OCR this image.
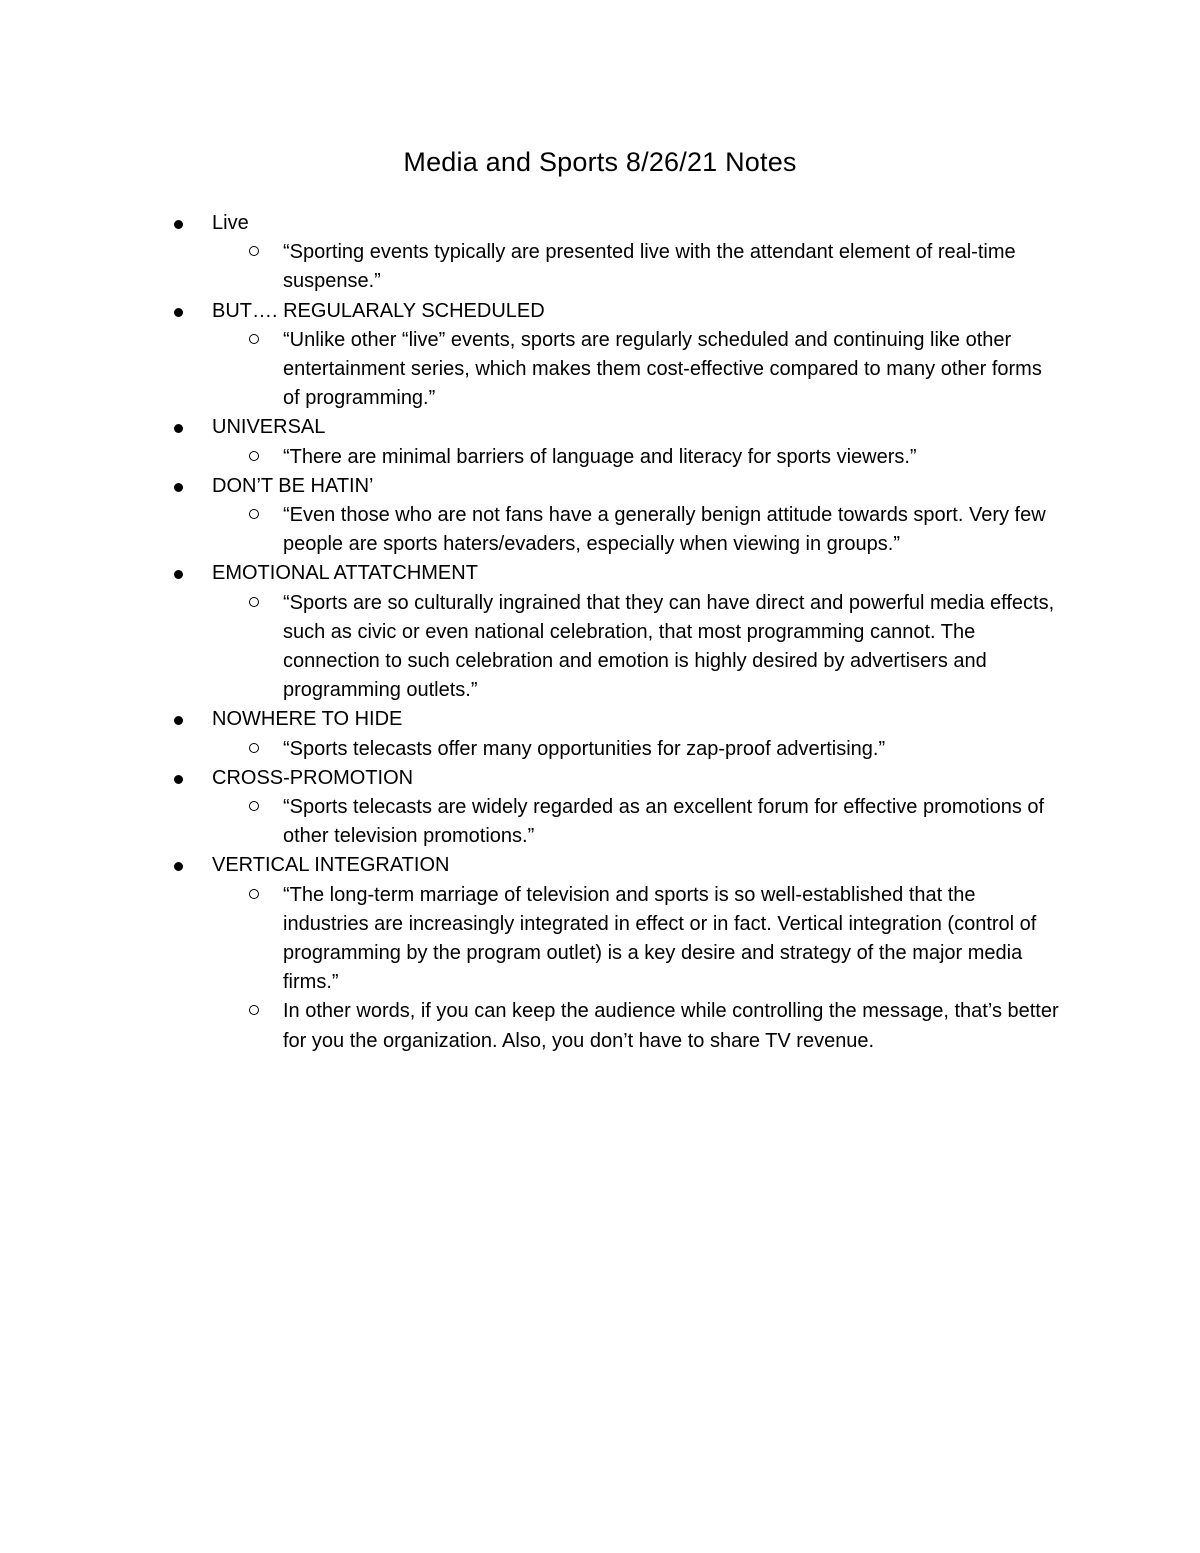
Media and Sports 8/26/21 Notes
Live
“Sporting events typically are presented live with the attendant element of real-time suspense.”
BUT…. REGULARALY SCHEDULED
“Unlike other “live” events, sports are regularly scheduled and continuing like other entertainment series, which makes them cost-effective compared to many other forms of programming.”
UNIVERSAL
“There are minimal barriers of language and literacy for sports viewers.”
DON’T BE HATIN’
“Even those who are not fans have a generally benign attitude towards sport. Very few people are sports haters/evaders, especially when viewing in groups.”
EMOTIONAL ATTATCHMENT
“Sports are so culturally ingrained that they can have direct and powerful media effects, such as civic or even national celebration, that most programming cannot. The connection to such celebration and emotion is highly desired by advertisers and programming outlets.”
NOWHERE TO HIDE
“Sports telecasts offer many opportunities for zap-proof advertising.”
CROSS-PROMOTION
“Sports telecasts are widely regarded as an excellent forum for effective promotions of other television promotions.”
VERTICAL INTEGRATION
“The long-term marriage of television and sports is so well-established that the industries are increasingly integrated in effect or in fact. Vertical integration (control of programming by the program outlet) is a key desire and strategy of the major media firms.”
In other words, if you can keep the audience while controlling the message, that’s better for you the organization. Also, you don’t have to share TV revenue.
